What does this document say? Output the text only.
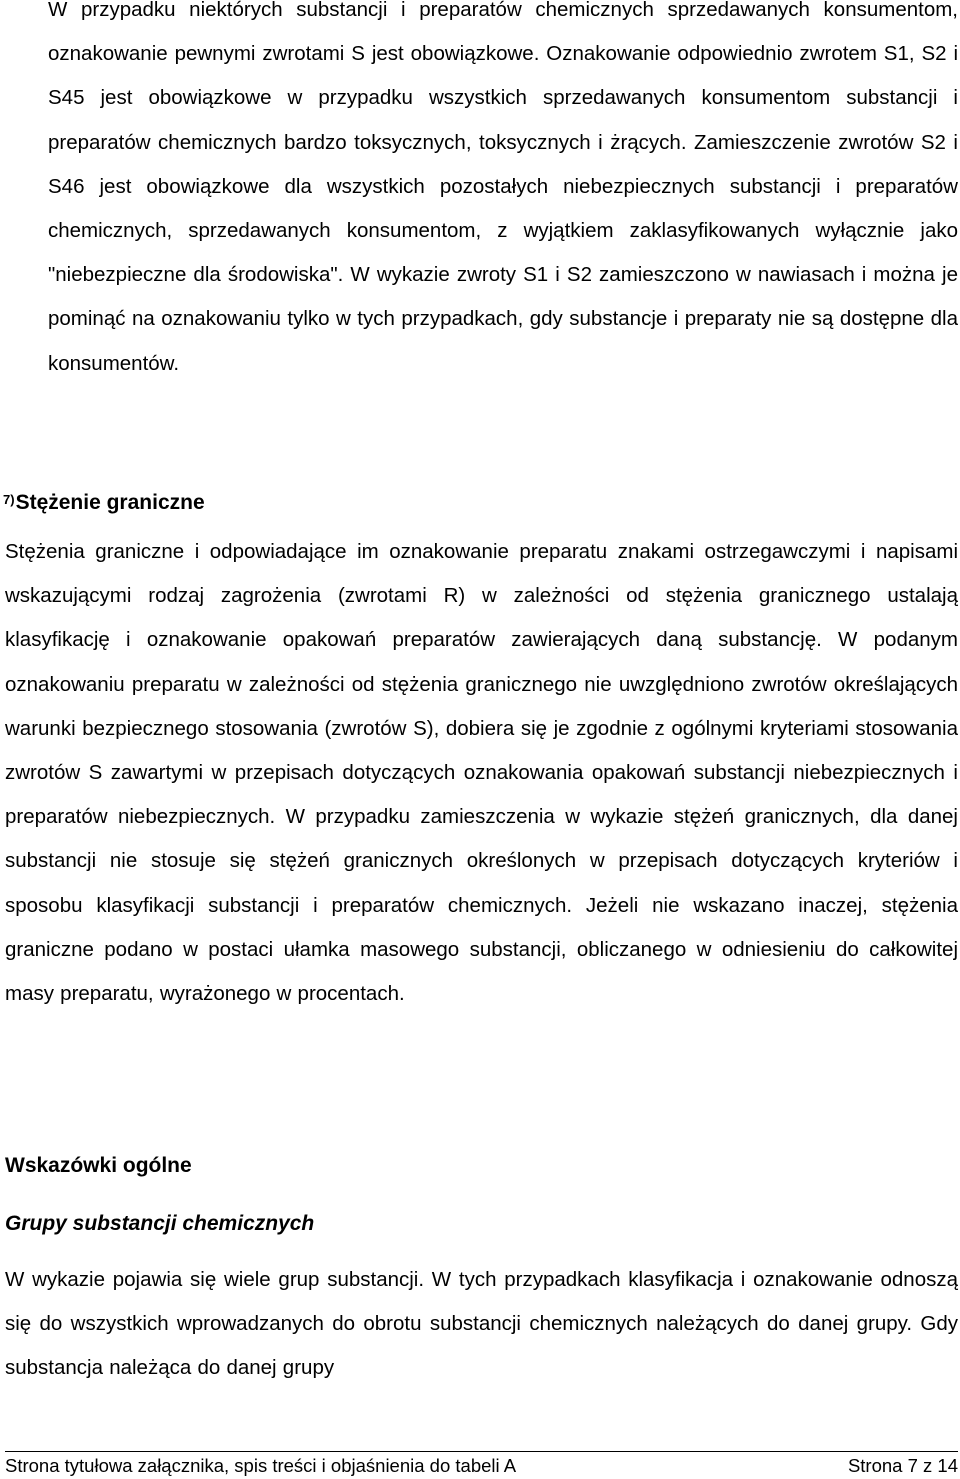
W przypadku niektórych substancji i preparatów chemicznych sprzedawanych konsumentom, oznakowanie pewnymi zwrotami S jest obowiązkowe. Oznakowanie odpowiednio zwrotem S1, S2 i S45 jest obowiązkowe w przypadku wszystkich sprzedawanych konsumentom substancji i preparatów chemicznych bardzo toksycznych, toksycznych i żrących. Zamieszczenie zwrotów S2 i S46 jest obowiązkowe dla wszystkich pozostałych niebezpiecznych substancji i preparatów chemicznych, sprzedawanych konsumentom, z wyjątkiem zaklasyfikowanych wyłącznie jako "niebezpieczne dla środowiska". W wykazie zwroty S1 i S2 zamieszczono w nawiasach i można je pominąć na oznakowaniu tylko w tych przypadkach, gdy substancje i preparaty nie są dostępne dla konsumentów.

$^{7)}$Stężenie graniczne

Stężenia graniczne i odpowiadające im oznakowanie preparatu znakami ostrzegawczymi i napisami wskazującymi rodzaj zagrożenia (zwrotami R) w zależności od stężenia granicznego ustalają klasyfikację i oznakowanie opakowań preparatów zawierających daną substancję. W podanym oznakowaniu preparatu w zależności od stężenia granicznego nie uwzględniono zwrotów określających warunki bezpiecznego stosowania (zwrotów S), dobiera się je zgodnie z ogólnymi kryteriami stosowania zwrotów S zawartymi w przepisach dotyczących oznakowania opakowań substancji niebezpiecznych i preparatów niebezpiecznych. W przypadku zamieszczenia w wykazie stężeń granicznych, dla danej substancji nie stosuje się stężeń granicznych określonych w przepisach dotyczących kryteriów i sposobu klasyfikacji substancji i preparatów chemicznych. Jeżeli nie wskazano inaczej, stężenia graniczne podano w postaci ułamka masowego substancji, obliczanego w odniesieniu do całkowitej masy preparatu, wyrażonego w procentach.

Wskazówki ogólne
Grupy substancji chemicznych

W wykazie pojawia się wiele grup substancji. W tych przypadkach klasyfikacja i oznakowanie odnoszą się do wszystkich wprowadzanych do obrotu substancji chemicznych należących do danej grupy. Gdy substancja należąca do danej grupy

Strona tytułowa załącznika, spis treści i objaśnienia do tabeli A	Strona 7 z 14
